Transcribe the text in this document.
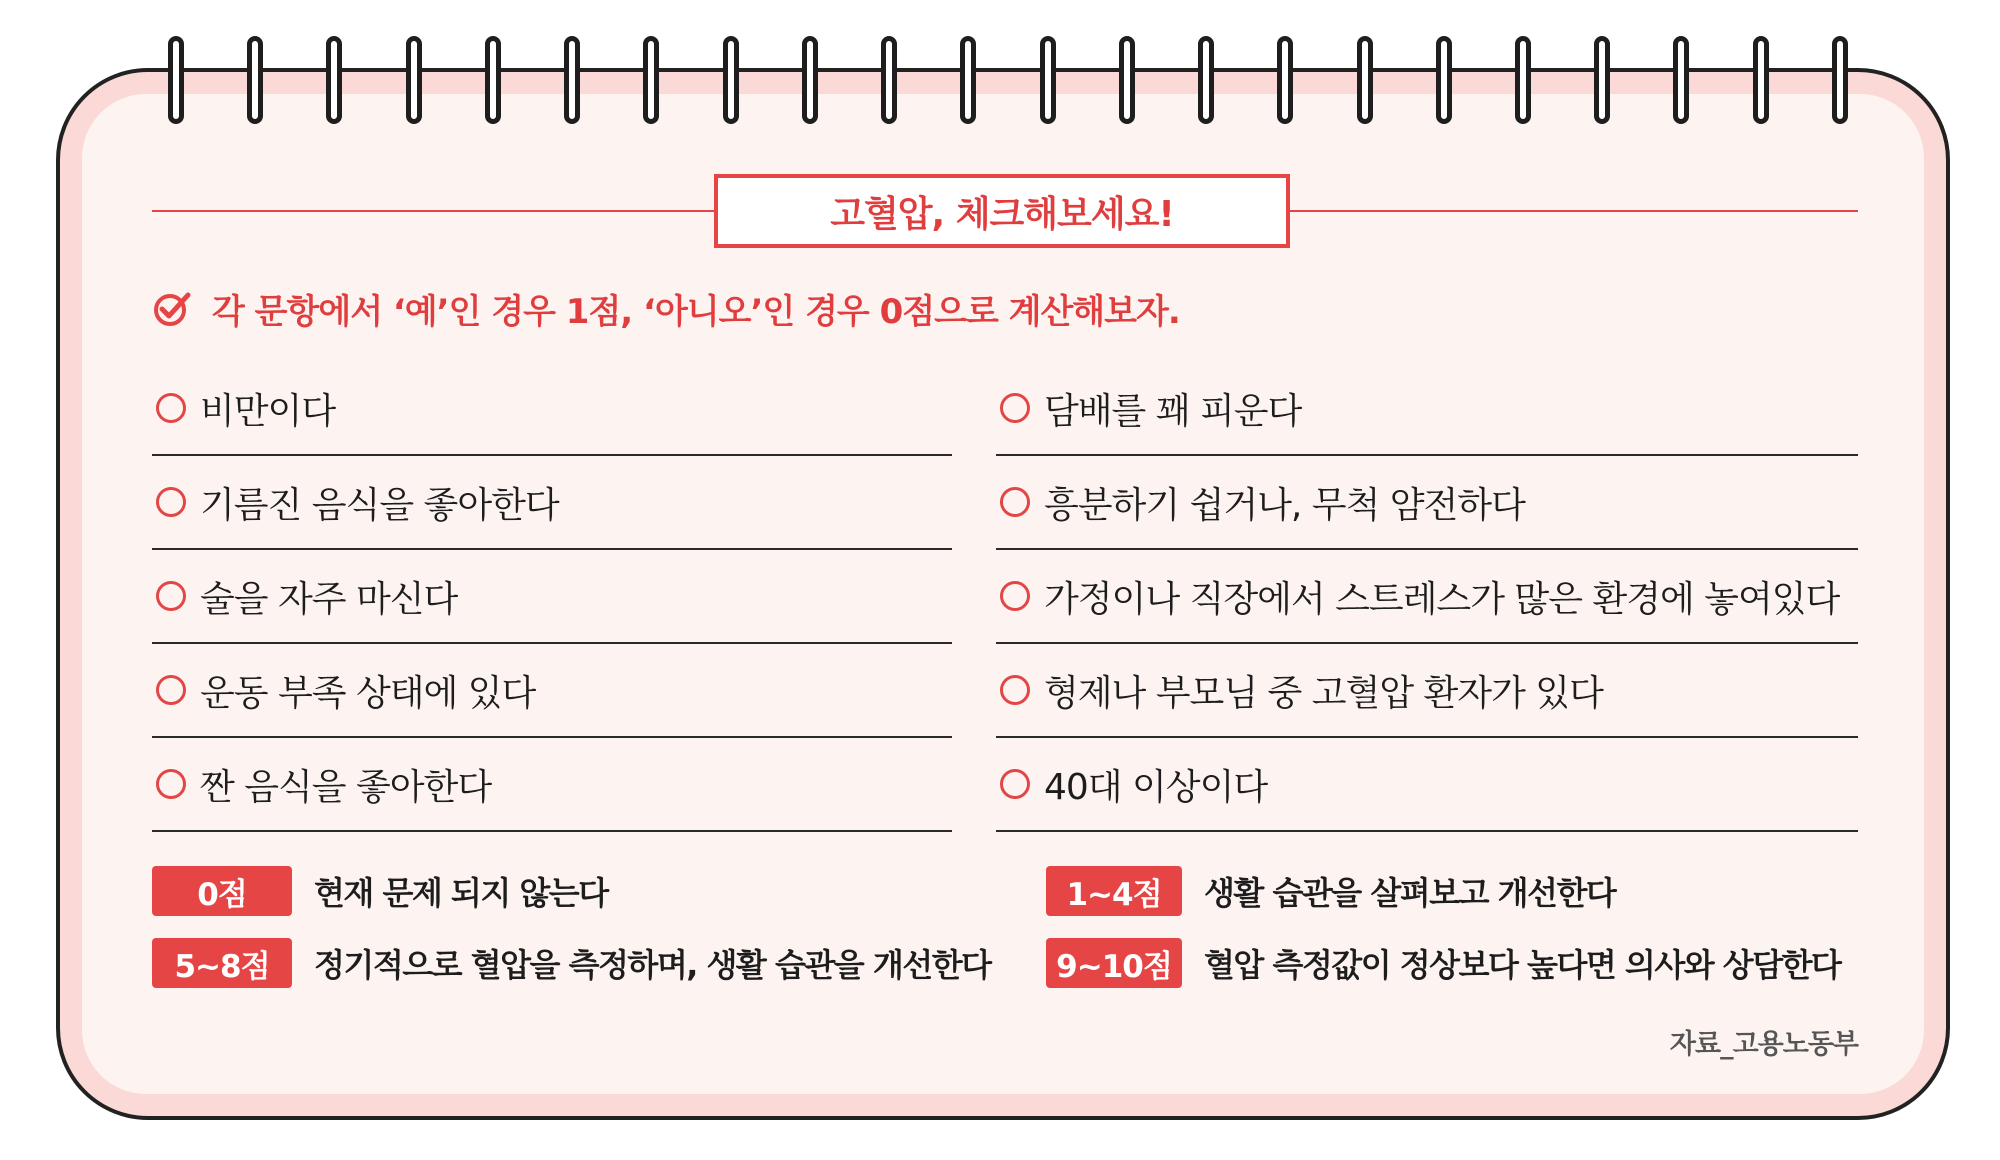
고혈압, 체크해보세요!
각 문항에서 ‘예’인 경우 1점, ‘아니오’인 경우 0점으로 계산해보자.
비만이다
기름진 음식을 좋아한다
술을 자주 마신다
운동 부족 상태에 있다
짠 음식을 좋아한다
담배를 꽤 피운다
흥분하기 쉽거나, 무척 얌전하다
가정이나 직장에서 스트레스가 많은 환경에 놓여있다
형제나 부모님 중 고혈압 환자가 있다
40대 이상이다
0점	현재 문제 되지 않는다	1~4점	생활 습관을 살펴보고 개선한다
5~8점	정기적으로 혈압을 측정하며, 생활 습관을 개선한다	9~10점	혈압 측정값이 정상보다 높다면 의사와 상담한다
자료_고용노동부
